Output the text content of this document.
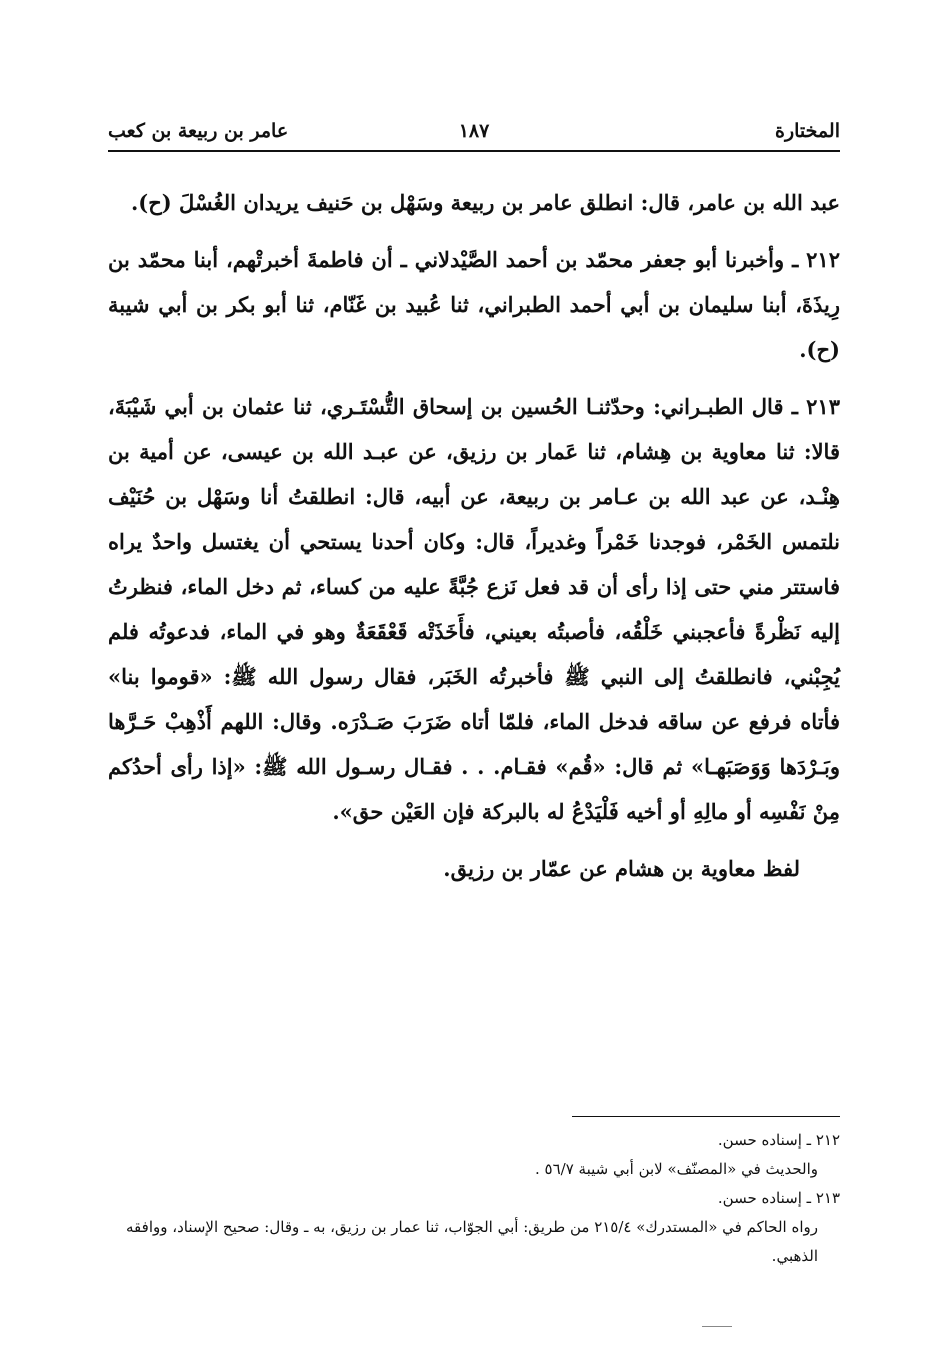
المختارة
١٨٧
عامر بن ربيعة بن كعب

عبد الله بن عامر، قال: انطلق عامر بن ربيعة وسَهْل بن حَنيف يريدان الغُسْلَ (ح).

٢١٢ ـ وأخبرنا أبو جعفر محمّد بن أحمد الصَّيْدلاني ـ أن فاطمةَ أخبرتْهم، أبنا محمّد بن رِيذَةَ، أبنا سليمان بن أبي أحمد الطبراني، ثنا عُبيد بن غَنّام، ثنا أبو بكر بن أبي شيبة (ح).

٢١٣ ـ قال الطبـراني: وحدّثنـا الحُسين بن إسحاق التُّسْتَـري، ثنا عثمان بن أبي شَيْبَةَ، قالا: ثنا معاوية بن هِشام، ثنا عَمار بن رزيق، عن عبـد الله بن عيسى، عن أمية بن هِنْـد، عن عبد الله بن عـامر بن ربيعة، عن أبيه، قال: انطلقتُ أنا وسَهْل بن حُنَيْف نلتمس الخَمْر، فوجدنا خَمْراً وغديراً، قال: وكان أحدنا يستحي أن يغتسل واحدٌ يراه فاستتر مني حتى إذا رأى أن قد فعل نَزع جُبَّةً عليه من كساء، ثم دخل الماء، فنظرتُ إليه نَظْرةً فأعجبني خَلْقُه، فأصبتُه بعيني، فأَخَذَتْه قَعْقَعَةٌ وهو في الماء، فدعوتُه فلم يُجِبْني، فانطلقتُ إلى النبي ﷺ فأخبرتُه الخَبَر، فقال رسول الله ﷺ: «قوموا بنا» فأتاه فرفع عن ساقه فدخل الماء، فلمّا أتاه ضَرَبَ صَـدْرَه. وقال: اللهم أَذْهِبْ حَـرَّها وبَـرْدَها وَوَصَبَهـا» ثم قال: «قُم» فقـام. . . فقـال رسـول الله ﷺ: «إذا رأى أحدُكم مِنْ نَفْسِه أو مالِهِ أو أخيه فَلْيَدْعُ له بالبركة فإن العَيْن حق».

لفظ معاوية بن هشام عن عمّار بن رزيق.

٢١٢ ـ إسناده حسن.
والحديث في «المصنّف» لابن أبي شيبة ٥٦/٧ .
٢١٣ ـ إسناده حسن.
رواه الحاكم في «المستدرك» ٢١٥/٤ من طريق: أبي الجوّاب، ثنا عمار بن رزيق، به ـ وقال: صحيح الإسناد، ووافقه الذهبي.
